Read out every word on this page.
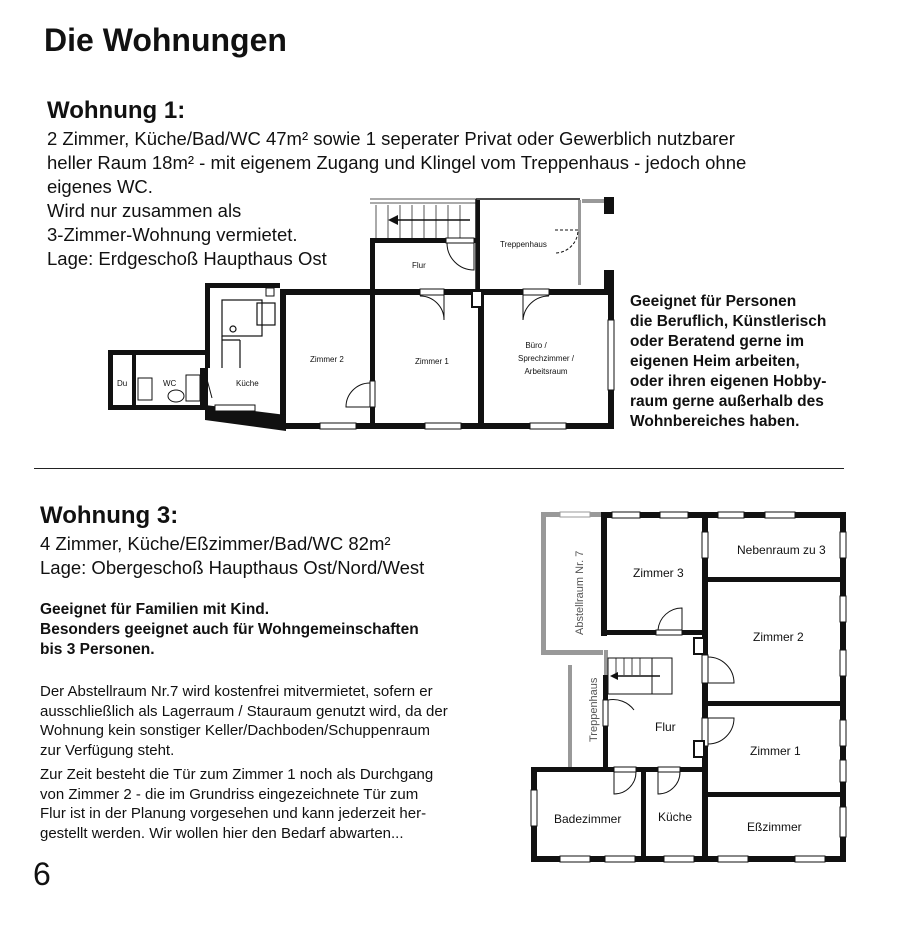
Die Wohnungen
Wohnung 1:
2 Zimmer, Küche/Bad/WC 47m² sowie 1 seperater Privat oder Gewerblich nutzbarer
heller Raum 18m² - mit eigenem Zugang und Klingel vom Treppenhaus - jedoch ohne
eigenes WC.
Wird nur zusammen als
3-Zimmer-Wohnung vermietet.
Lage: Erdgeschoß Haupthaus Ost
Geeignet für Personen
die Beruflich, Künstlerisch
oder Beratend gerne im
eigenen Heim arbeiten,
oder ihren eigenen Hobby-
raum gerne außerhalb des
Wohnbereiches haben.
Treppenhaus
Flur
Zimmer 2	Zimmer 1
Büro /
Sprechzimmer /
Arbeitsraum
Küche
WC
Du
Wohnung 3:
4 Zimmer, Küche/Eßzimmer/Bad/WC 82m²
Lage: Obergeschoß Haupthaus Ost/Nord/West
Geeignet für Familien mit Kind.
Besonders geeignet auch für Wohngemeinschaften
bis 3 Personen.
Der Abstellraum Nr.7 wird kostenfrei mitvermietet, sofern er
ausschließlich als Lagerraum / Stauraum genutzt wird, da der
Wohnung kein sonstiger Keller/Dachboden/Schuppenraum
zur Verfügung steht.
Zur Zeit besteht die Tür zum Zimmer 1 noch als Durchgang
von Zimmer 2 - die im Grundriss eingezeichnete Tür zum
Flur ist in der Planung vorgesehen und kann jederzeit her-
gestellt werden. Wir wollen hier den Bedarf abwarten...
Abstellraum Nr. 7	Zimmer 3
Nebenraum zu 3
Zimmer 2
Treppenhaus	Flur
Zimmer 1
Badezimmer	Küche
Eßzimmer
6
